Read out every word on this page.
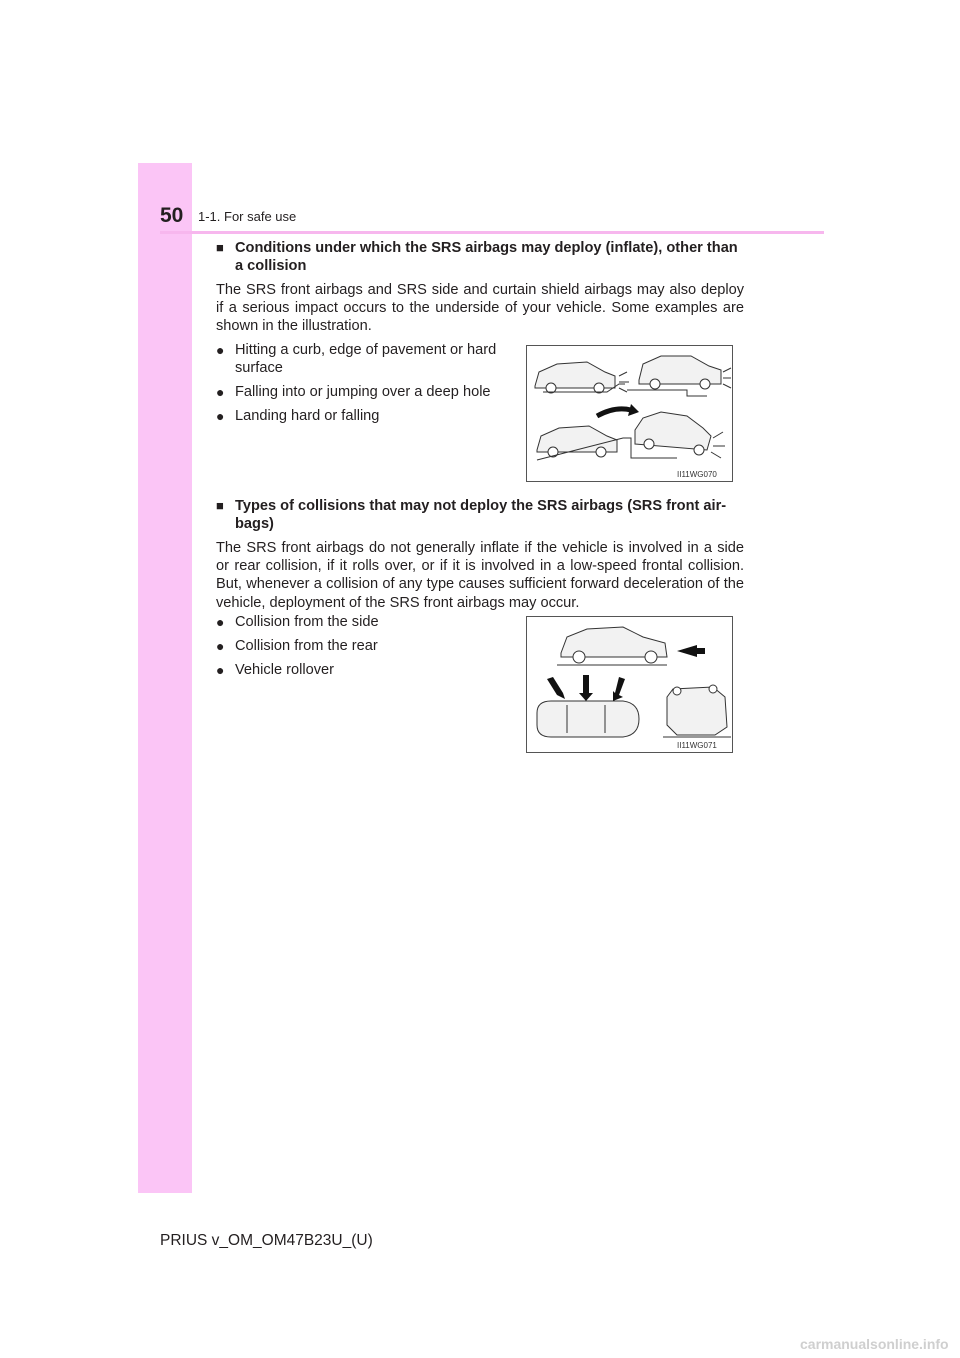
50 1-1. For safe use
■ Conditions under which the SRS airbags may deploy (inflate), other than a collision
The SRS front airbags and SRS side and curtain shield airbags may also deploy if a serious impact occurs to the underside of your vehicle. Some examples are shown in the illustration.
● Hitting a curb, edge of pavement or hard surface
● Falling into or jumping over a deep hole
● Landing hard or falling
II11WG070
■ Types of collisions that may not deploy the SRS airbags (SRS front air-bags)
The SRS front airbags do not generally inflate if the vehicle is involved in a side or rear collision, if it rolls over, or if it is involved in a low-speed frontal collision. But, whenever a collision of any type causes sufficient forward deceleration of the vehicle, deployment of the SRS front airbags may occur.
● Collision from the side
● Collision from the rear
● Vehicle rollover
II11WG071
PRIUS v_OM_OM47B23U_(U)
carmanualsonline.info
